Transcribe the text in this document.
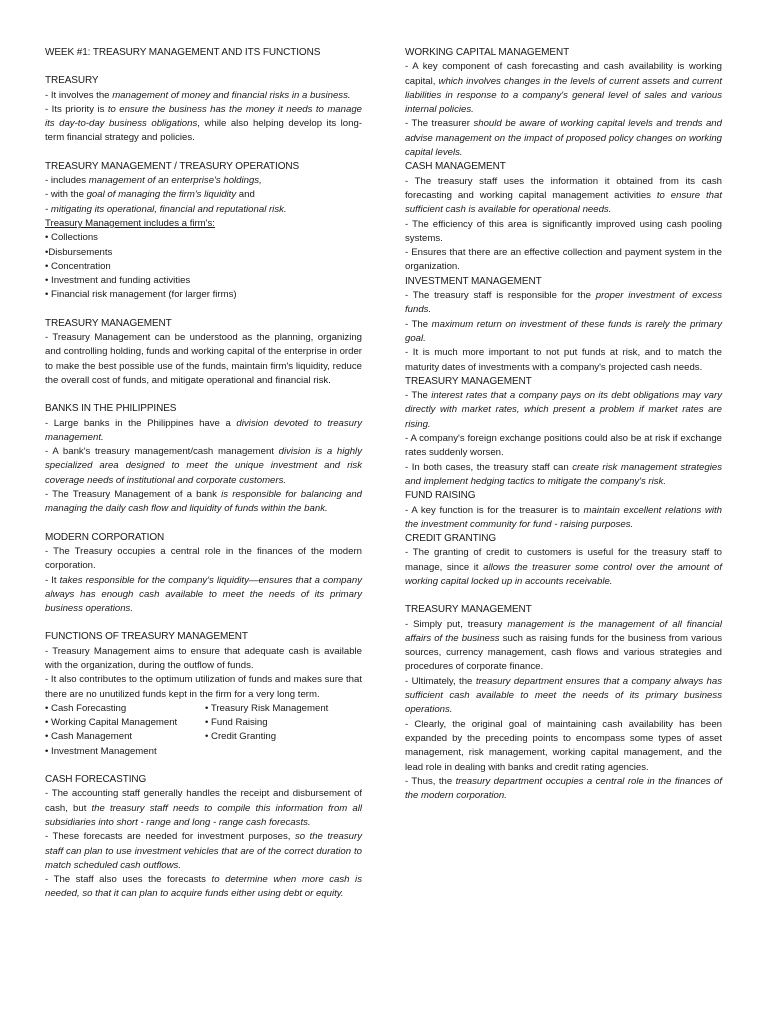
WEEK #1: TREASURY MANAGEMENT AND ITS FUNCTIONS
TREASURY

- It involves the management of money and financial risks in a business.

- Its priority is to ensure the business has the money it needs to manage its day-to-day business obligations, while also helping develop its long-term financial strategy and policies.

TREASURY MANAGEMENT / TREASURY OPERATIONS

- includes management of an enterprise's holdings,

- with the goal of managing the firm's liquidity and

- mitigating its operational, financial and reputational risk.

Treasury Management includes a firm's:

• Collections
•Disbursements
• Concentration
• Investment and funding activities
• Financial risk management (for larger firms)
TREASURY MANAGEMENT

- Treasury Management can be understood as the planning, organizing and controlling holding, funds and working capital of the enterprise in order to make the best possible use of the funds, maintain firm's liquidity, reduce the overall cost of funds, and mitigate operational and financial risk.

BANKS IN THE PHILIPPINES

- Large banks in the Philippines have a division devoted to treasury management.

- A bank's treasury management/cash management division is a highly specialized area designed to meet the unique investment and risk coverage needs of institutional and corporate customers.

- The Treasury Management of a bank is responsible for balancing and managing the daily cash flow and liquidity of funds within the bank.

MODERN CORPORATION

- The Treasury occupies a central role in the finances of the modern corporation.

- It takes responsible for the company's liquidity—ensures that a company always has enough cash available to meet the needs of its primary business operations.

FUNCTIONS OF TREASURY MANAGEMENT

- Treasury Management aims to ensure that adequate cash is available with the organization, during the outflow of funds.

- It also contributes to the optimum utilization of funds and makes sure that there are no unutilized funds kept in the firm for a very long term.

• Cash Forecasting
• Working Capital Management
• Cash Management
• Investment Management
• Treasury Risk Management
• Fund Raising
• Credit Granting
CASH FORECASTING

- The accounting staff generally handles the receipt and disbursement of cash, but the treasury staff needs to compile this information from all subsidiaries into short - range and long - range cash forecasts.

- These forecasts are needed for investment purposes, so the treasury staff can plan to use investment vehicles that are of the correct duration to match scheduled cash outflows.

- The staff also uses the forecasts to determine when more cash is needed, so that it can plan to acquire funds either using debt or equity.

WORKING CAPITAL MANAGEMENT

- A key component of cash forecasting and cash availability is working capital, which involves changes in the levels of current assets and current liabilities in response to a company's general level of sales and various internal policies.

- The treasurer should be aware of working capital levels and trends and advise management on the impact of proposed policy changes on working capital levels.

CASH MANAGEMENT

- The treasury staff uses the information it obtained from its cash forecasting and working capital management activities to ensure that sufficient cash is available for operational needs.

- The efficiency of this area is significantly improved using cash pooling systems.

- Ensures that there are an effective collection and payment system in the organization.

INVESTMENT MANAGEMENT

- The treasury staff is responsible for the proper investment of excess funds.

- The maximum return on investment of these funds is rarely the primary goal.

- It is much more important to not put funds at risk, and to match the maturity dates of investments with a company's projected cash needs.

TREASURY MANAGEMENT

- The interest rates that a company pays on its debt obligations may vary directly with market rates, which present a problem if market rates are rising.

- A company's foreign exchange positions could also be at risk if exchange rates suddenly worsen.

- In both cases, the treasury staff can create risk management strategies and implement hedging tactics to mitigate the company's risk.

FUND RAISING

- A key function is for the treasurer is to maintain excellent relations with the investment community for fund - raising purposes.

CREDIT GRANTING

- The granting of credit to customers is useful for the treasury staff to manage, since it allows the treasurer some control over the amount of working capital locked up in accounts receivable.

TREASURY MANAGEMENT

- Simply put, treasury management is the management of all financial affairs of the business such as raising funds for the business from various sources, currency management, cash flows and various strategies and procedures of corporate finance.

- Ultimately, the treasury department ensures that a company always has sufficient cash available to meet the needs of its primary business operations.

- Clearly, the original goal of maintaining cash availability has been expanded by the preceding points to encompass some types of asset management, risk management, working capital management, and the lead role in dealing with banks and credit rating agencies.

- Thus, the treasury department occupies a central role in the finances of the modern corporation.
